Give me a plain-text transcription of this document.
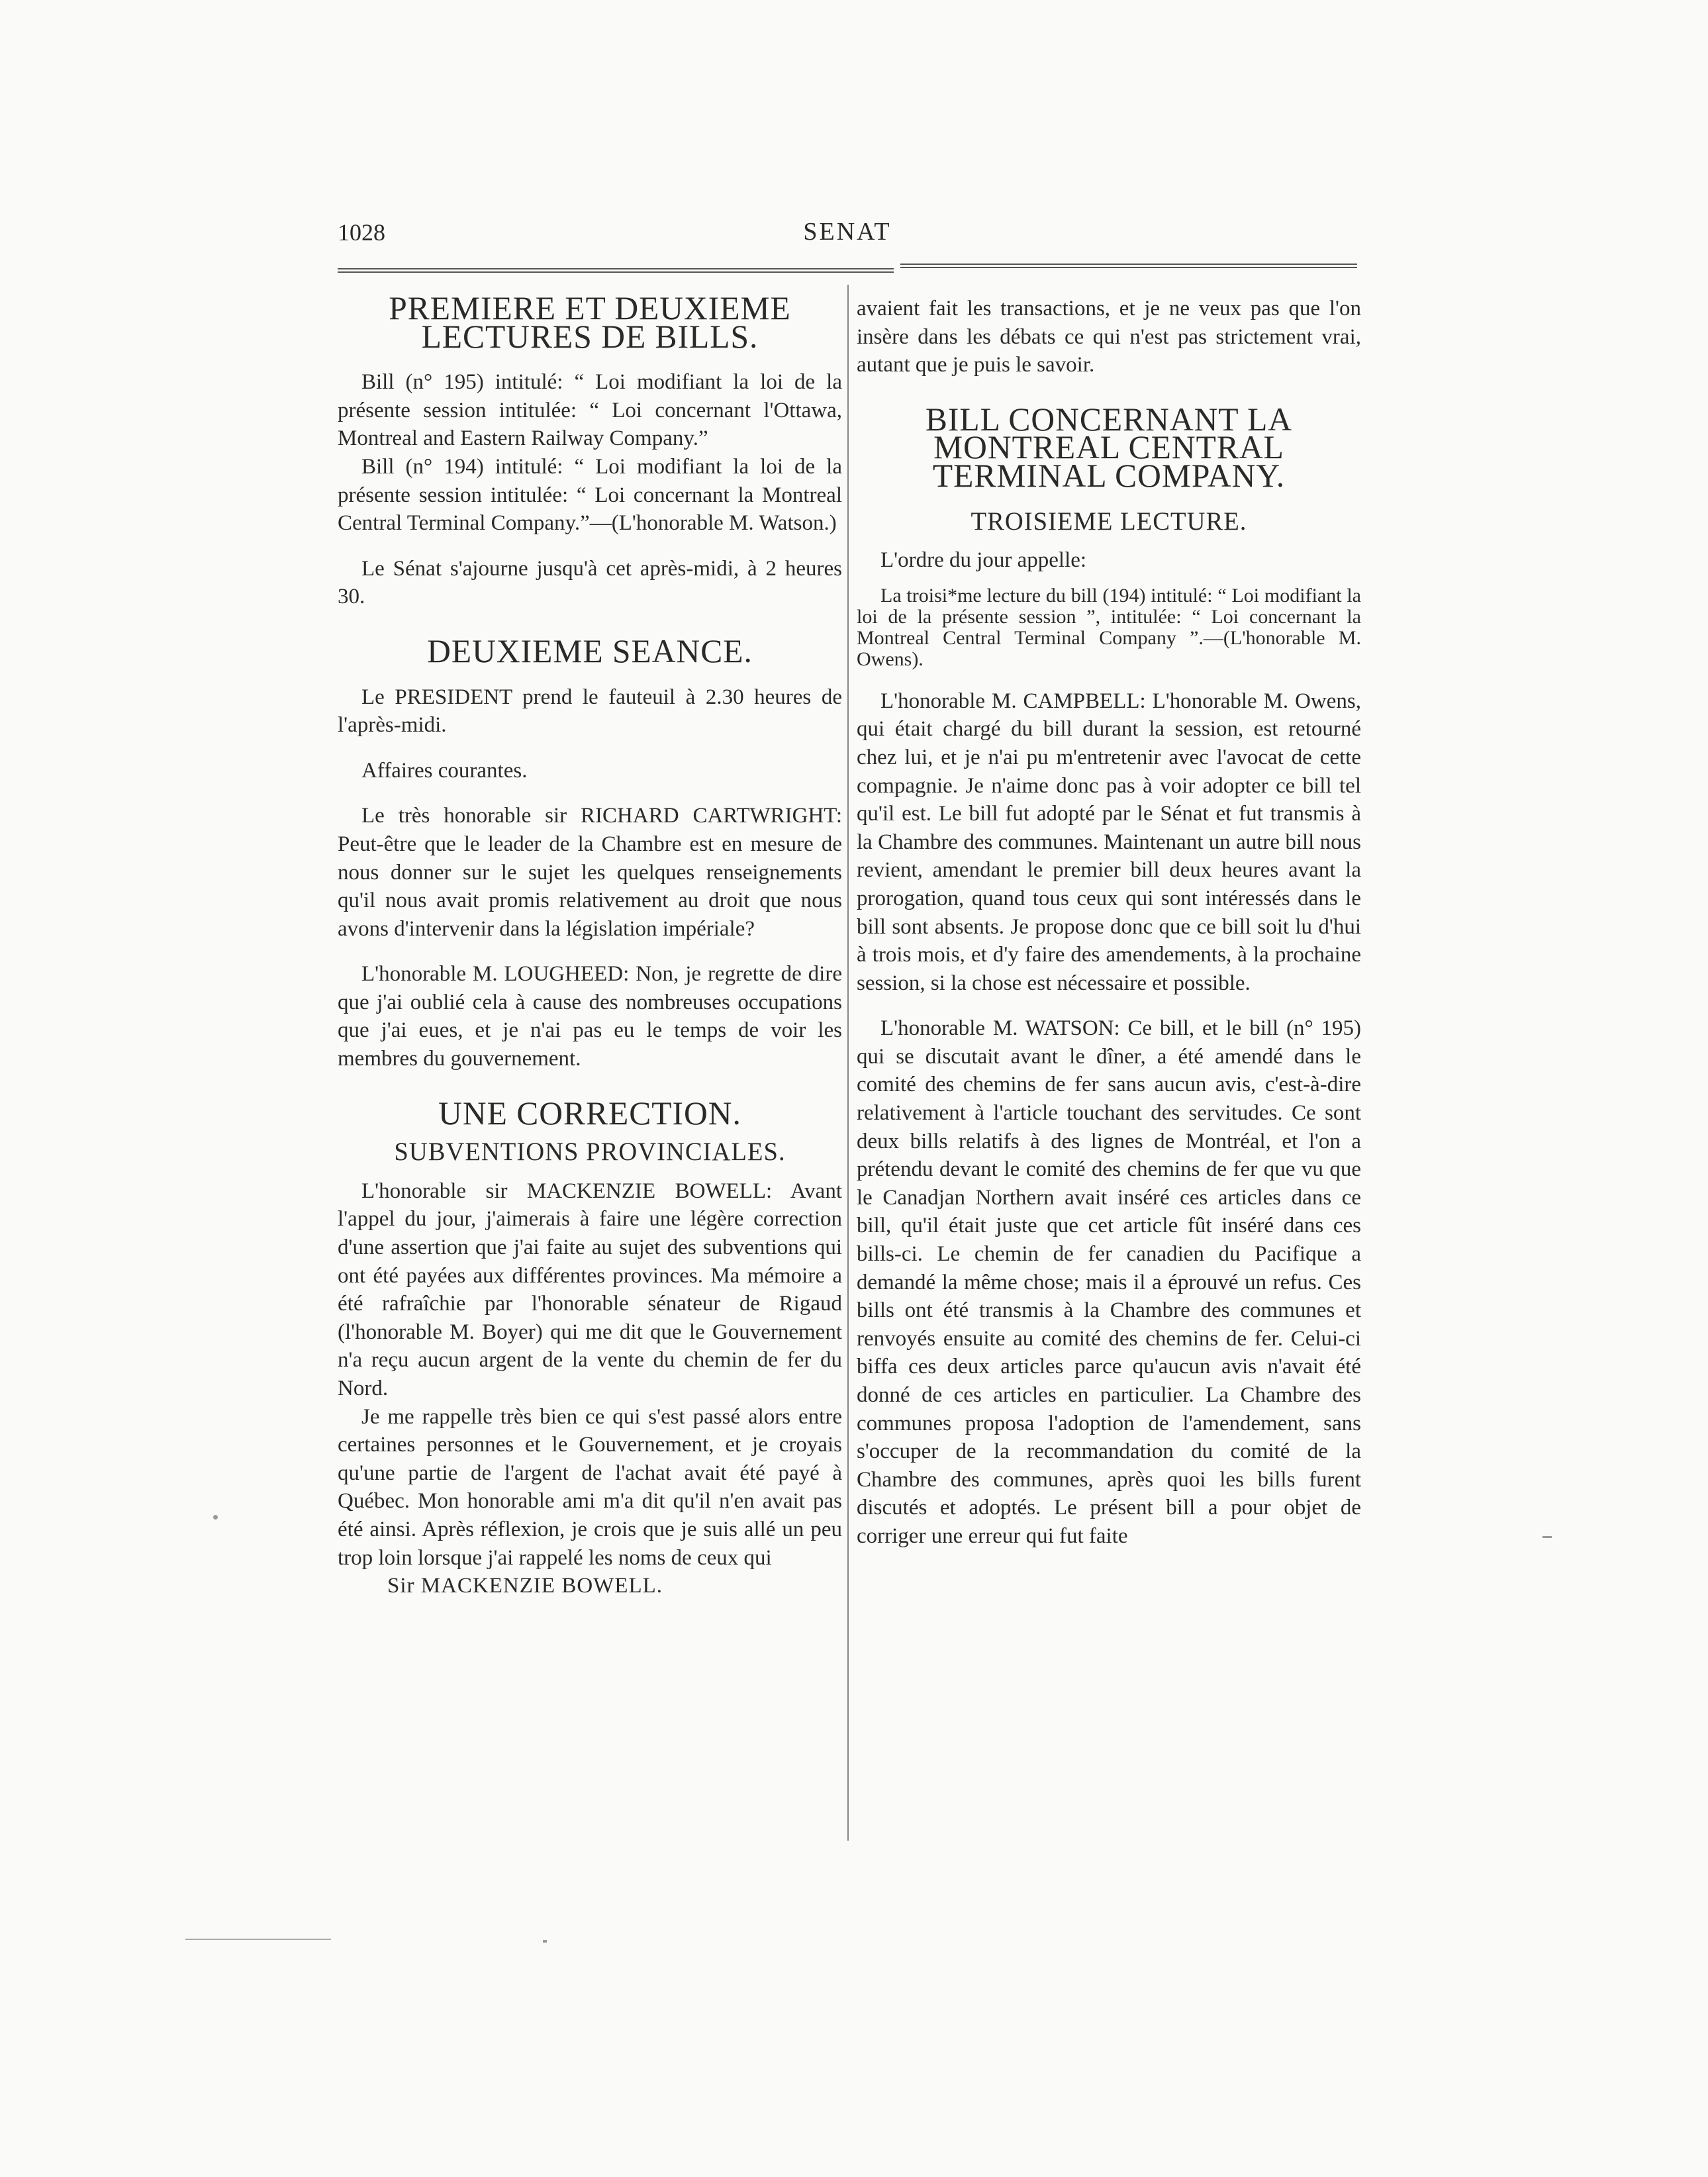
1028	SENAT
PREMIERE ET DEUXIEME LECTURES DE BILLS.

Bill (n° 195) intitulé: “ Loi modifiant la loi de la présente session intitulée: “ Loi concernant l'Ottawa, Montreal and Eastern Railway Company.”

Bill (n° 194) intitulé: “ Loi modifiant la loi de la présente session intitulée: “ Loi concernant la Montreal Central Terminal Company.”—(L'honorable M. Watson.)

Le Sénat s'ajourne jusqu'à cet après-midi, à 2 heures 30.

DEUXIEME SEANCE.

Le PRESIDENT prend le fauteuil à 2.30 heures de l'après-midi.

Affaires courantes.

Le très honorable sir RICHARD CARTWRIGHT: Peut-être que le leader de la Chambre est en mesure de nous donner sur le sujet les quelques renseignements qu'il nous avait promis relativement au droit que nous avons d'intervenir dans la législation impériale?

L'honorable M. LOUGHEED: Non, je regrette de dire que j'ai oublié cela à cause des nombreuses occupations que j'ai eues, et je n'ai pas eu le temps de voir les membres du gouvernement.

UNE CORRECTION.
SUBVENTIONS PROVINCIALES.

L'honorable sir MACKENZIE BOWELL: Avant l'appel du jour, j'aimerais à faire une légère correction d'une assertion que j'ai faite au sujet des subventions qui ont été payées aux différentes provinces. Ma mémoire a été rafraîchie par l'honorable sénateur de Rigaud (l'honorable M. Boyer) qui me dit que le Gouvernement n'a reçu aucun argent de la vente du chemin de fer du Nord.

Je me rappelle très bien ce qui s'est passé alors entre certaines personnes et le Gouvernement, et je croyais qu'une partie de l'argent de l'achat avait été payé à Québec. Mon honorable ami m'a dit qu'il n'en avait pas été ainsi. Après réflexion, je crois que je suis allé un peu trop loin lorsque j'ai rappelé les noms de ceux qui

Sir MACKENZIE BOWELL.

avaient fait les transactions, et je ne veux pas que l'on insère dans les débats ce qui n'est pas strictement vrai, autant que je puis le savoir.

BILL CONCERNANT LA MONTREAL CENTRAL TERMINAL COMPANY.
TROISIEME LECTURE.

L'ordre du jour appelle:

La troisi*me lecture du bill (194) intitulé: “ Loi modifiant la loi de la présente session ”, intitulée: “ Loi concernant la Montreal Central Terminal Company ”.—(L'honorable M. Owens).

L'honorable M. CAMPBELL: L'honorable M. Owens, qui était chargé du bill durant la session, est retourné chez lui, et je n'ai pu m'entretenir avec l'avocat de cette compagnie. Je n'aime donc pas à voir adopter ce bill tel qu'il est. Le bill fut adopté par le Sénat et fut transmis à la Chambre des communes. Maintenant un autre bill nous revient, amendant le premier bill deux heures avant la prorogation, quand tous ceux qui sont intéressés dans le bill sont absents. Je propose donc que ce bill soit lu d'hui à trois mois, et d'y faire des amendements, à la prochaine session, si la chose est nécessaire et possible.

L'honorable M. WATSON: Ce bill, et le bill (n° 195) qui se discutait avant le dîner, a été amendé dans le comité des chemins de fer sans aucun avis, c'est-à-dire relativement à l'article touchant des servitudes. Ce sont deux bills relatifs à des lignes de Montréal, et l'on a prétendu devant le comité des chemins de fer que vu que le Canadjan Northern avait inséré ces articles dans ce bill, qu'il était juste que cet article fût inséré dans ces bills-ci. Le chemin de fer canadien du Pacifique a demandé la même chose; mais il a éprouvé un refus. Ces bills ont été transmis à la Chambre des communes et renvoyés ensuite au comité des chemins de fer. Celui-ci biffa ces deux articles parce qu'aucun avis n'avait été donné de ces articles en particulier. La Chambre des communes proposa l'adoption de l'amendement, sans s'occuper de la recommandation du comité de la Chambre des communes, après quoi les bills furent discutés et adoptés. Le présent bill a pour objet de corriger une erreur qui fut faite
